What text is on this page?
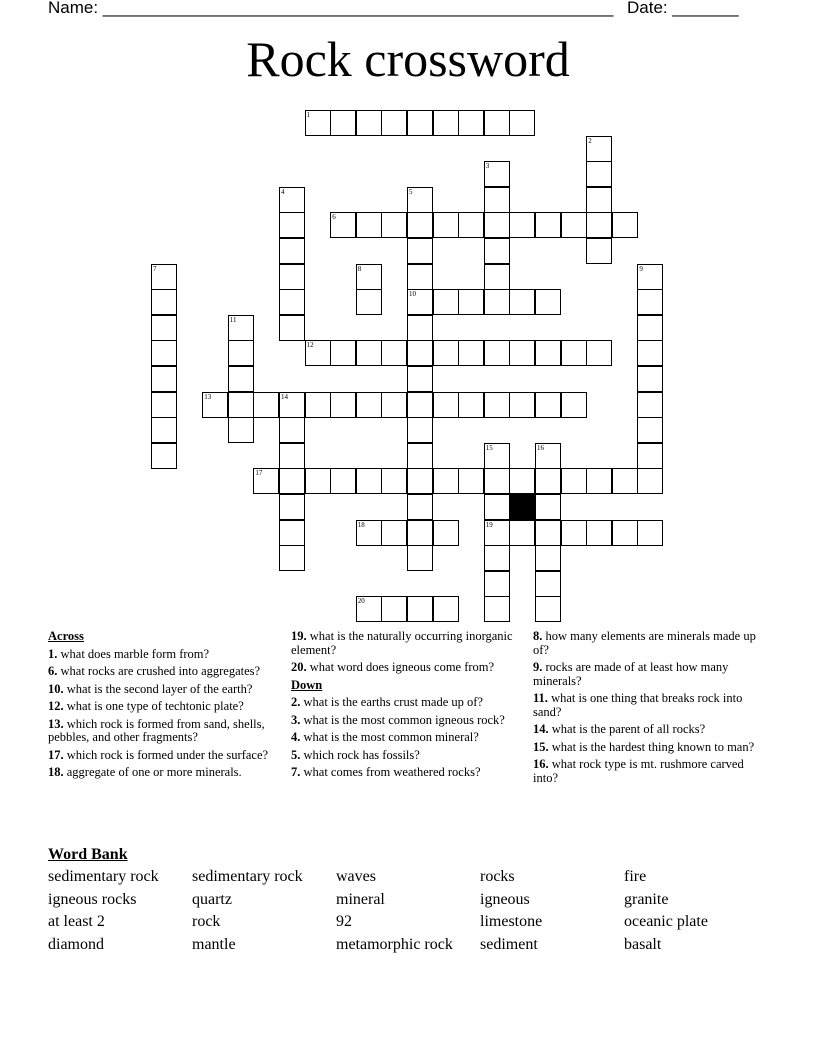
Name: ______________________________________________________ Date: _______
Rock crossword
1
2
3
4	5
10
6
7	8	9
11
12
13	14
15
19
16
17
18
20
Across
1. what does marble form from?
6. what rocks are crushed into aggregates?
10. what is the second layer of the earth?
12. what is one type of techtonic plate?
13. which rock is formed from sand, shells, pebbles, and other fragments?
17. which rock is formed under the surface?
18. aggregate of one or more minerals.
19. what is the naturally occurring inorganic element?
20. what word does igneous come from?
Down
2. what is the earths crust made up of?
3. what is the most common igneous rock?
4. what is the most common mineral?
5. which rock has fossils?
7. what comes from weathered rocks?
8. how many elements are minerals made up of?
9. rocks are made of at least how many minerals?
11. what is one thing that breaks rock into sand?
14. what is the parent of all rocks?
15. what is the hardest thing known to man?
16. what rock type is mt. rushmore carved into?
Word Bank
sedimentary rock	sedimentary rock	waves	rocks	fire
igneous rocks	quartz	mineral	igneous	granite
at least 2	rock	92	limestone	oceanic plate
diamond	mantle	metamorphic rock	sediment	basalt
